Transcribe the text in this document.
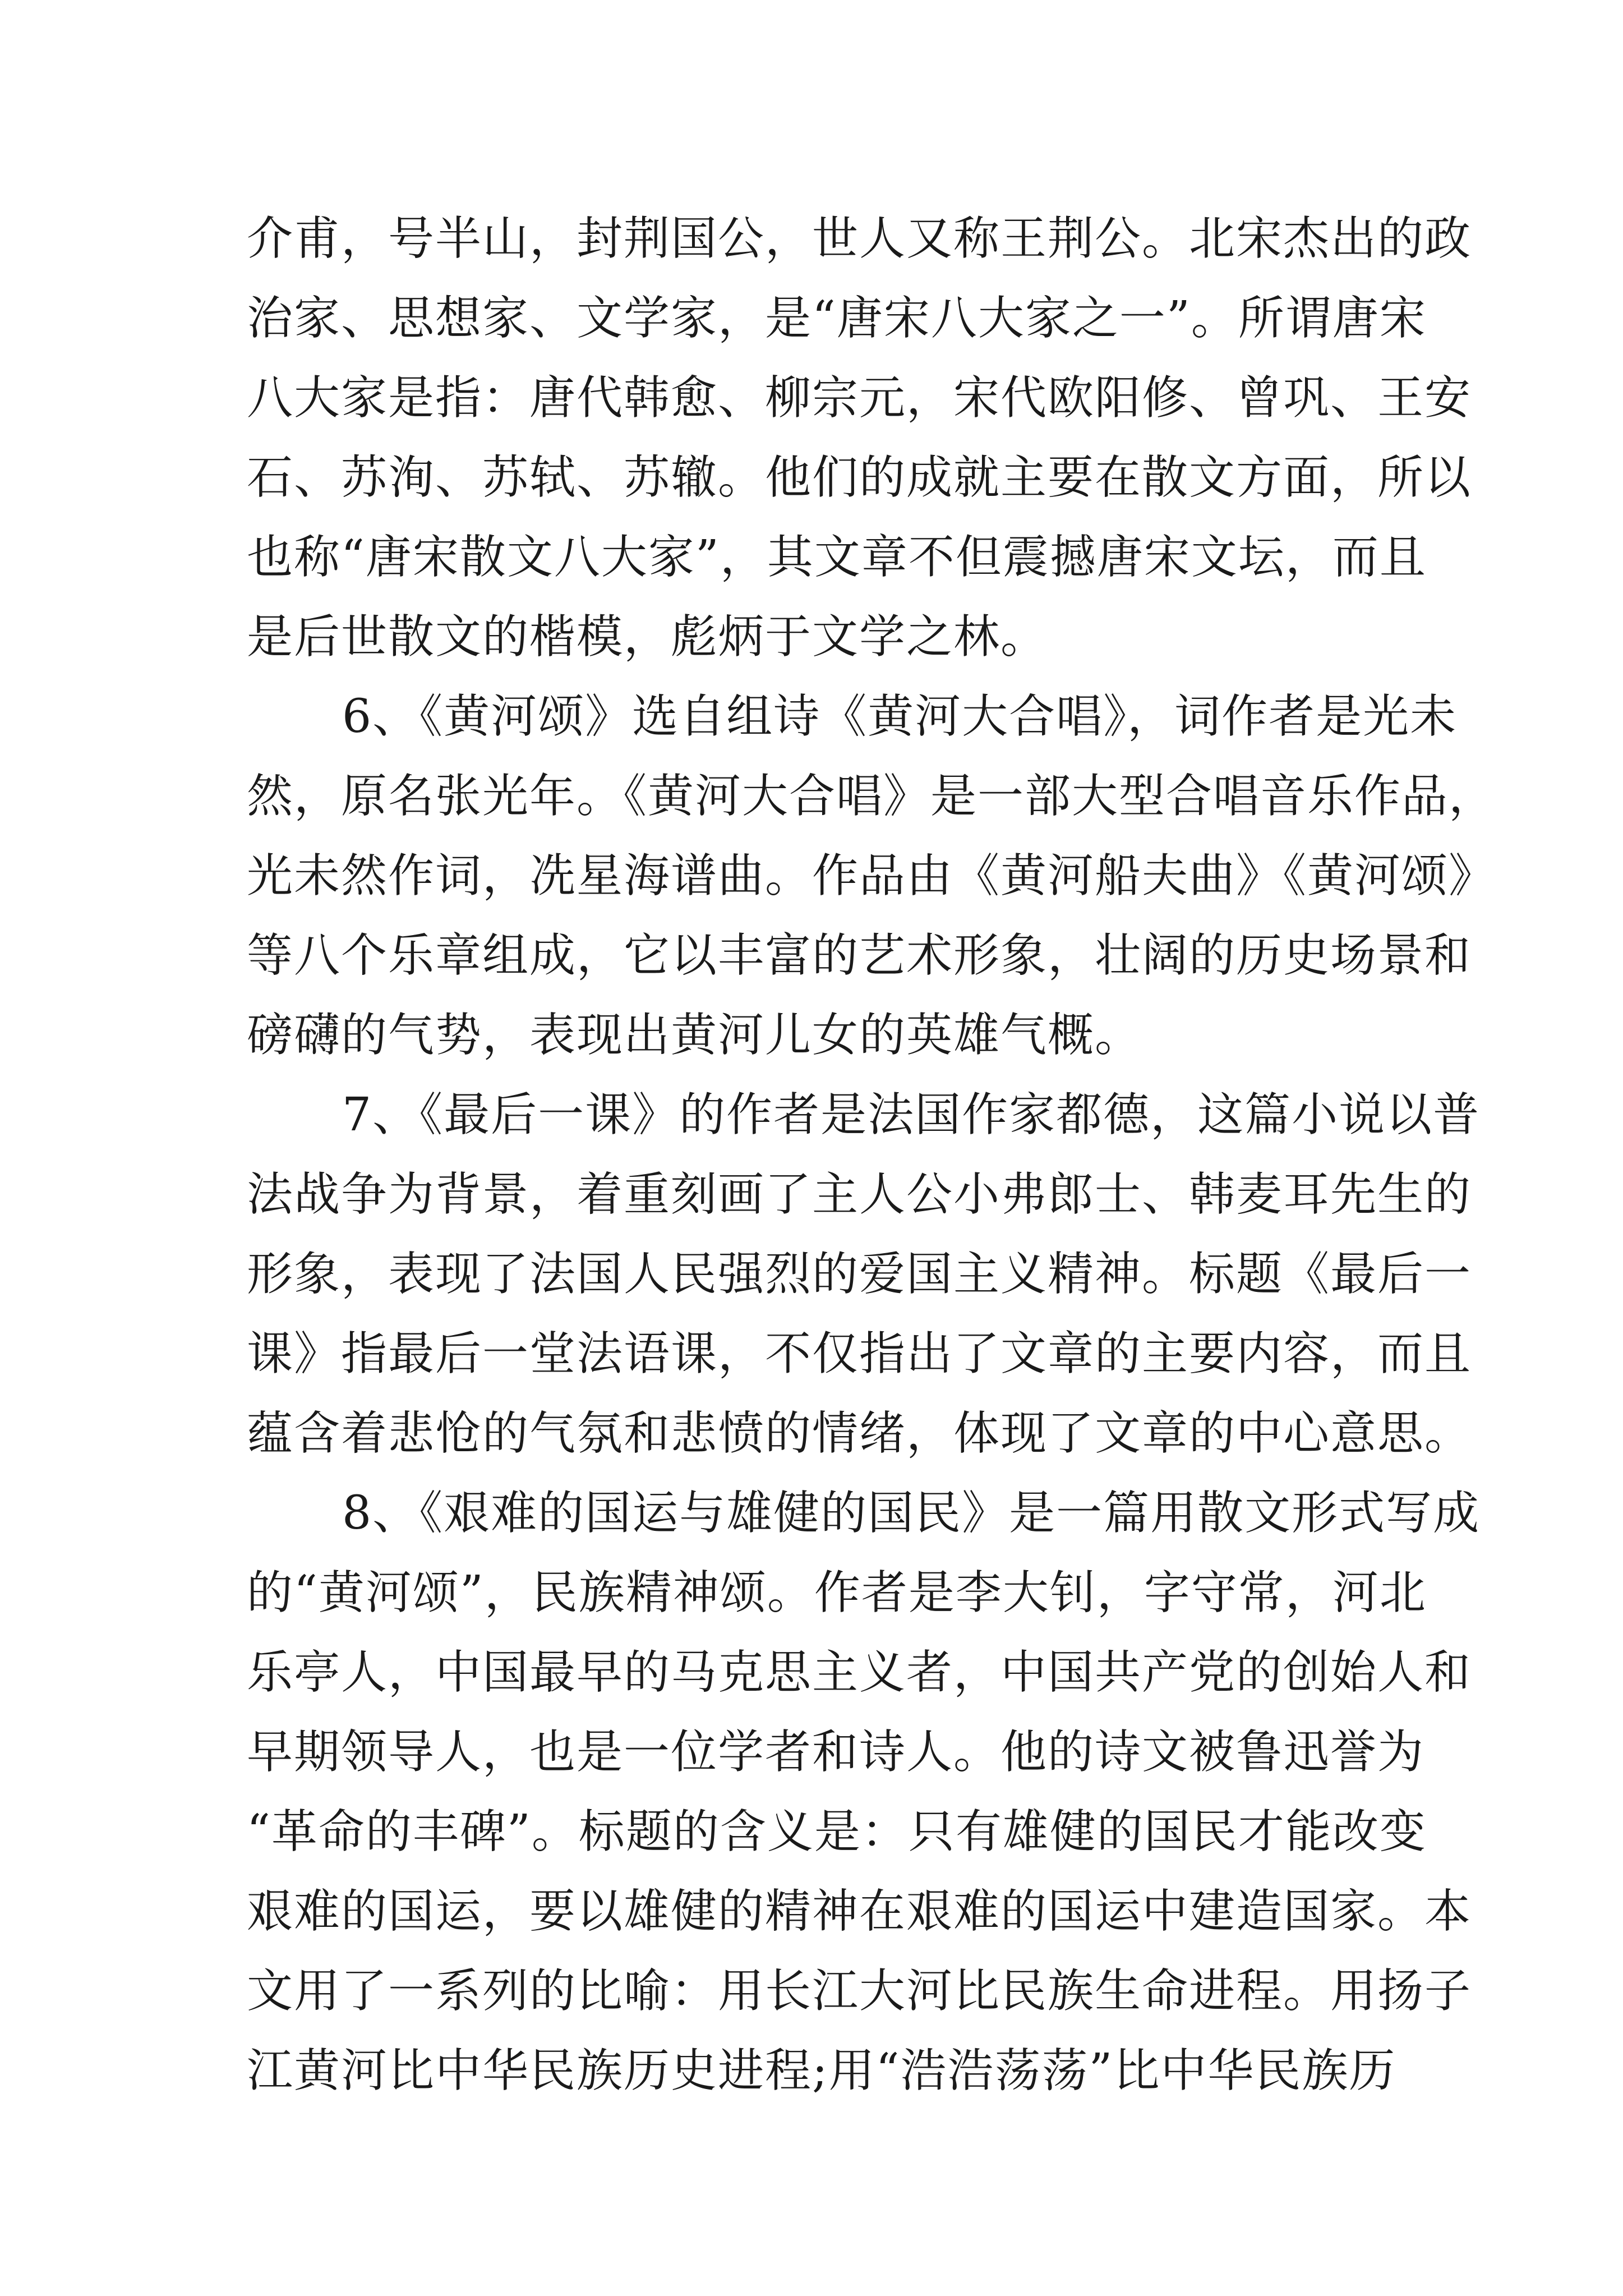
介甫，号半山，封荆国公，世人又称王荆公。北宋杰出的政
治家、思想家、文学家，是“唐宋八大家之一”。所谓唐宋
八大家是指：唐代韩愈、柳宗元，宋代欧阳修、曾巩、王安
石、苏洵、苏轼、苏辙。他们的成就主要在散文方面，所以
也称“唐宋散文八大家”，其文章不但震撼唐宋文坛，而且
是后世散文的楷模，彪炳于文学之林。
6、《黄河颂》选自组诗《黄河大合唱》，词作者是光未
然，原名张光年。《黄河大合唱》是一部大型合唱音乐作品，
光未然作词，冼星海谱曲。作品由《黄河船夫曲》《黄河颂》
等八个乐章组成，它以丰富的艺术形象，壮阔的历史场景和
磅礴的气势，表现出黄河儿女的英雄气概。
7、《最后一课》的作者是法国作家都德，这篇小说以普
法战争为背景，着重刻画了主人公小弗郎士、韩麦耳先生的
形象，表现了法国人民强烈的爱国主义精神。标题《最后一
课》指最后一堂法语课，不仅指出了文章的主要内容，而且
蕴含着悲怆的气氛和悲愤的情绪，体现了文章的中心意思。
8、《艰难的国运与雄健的国民》是一篇用散文形式写成
的“黄河颂”，民族精神颂。作者是李大钊，字守常，河北
乐亭人，中国最早的马克思主义者，中国共产党的创始人和
早期领导人，也是一位学者和诗人。他的诗文被鲁迅誉为
“革命的丰碑”。标题的含义是：只有雄健的国民才能改变
艰难的国运，要以雄健的精神在艰难的国运中建造国家。本
文用了一系列的比喻：用长江大河比民族生命进程。用扬子
江黄河比中华民族历史进程;用“浩浩荡荡”比中华民族历
